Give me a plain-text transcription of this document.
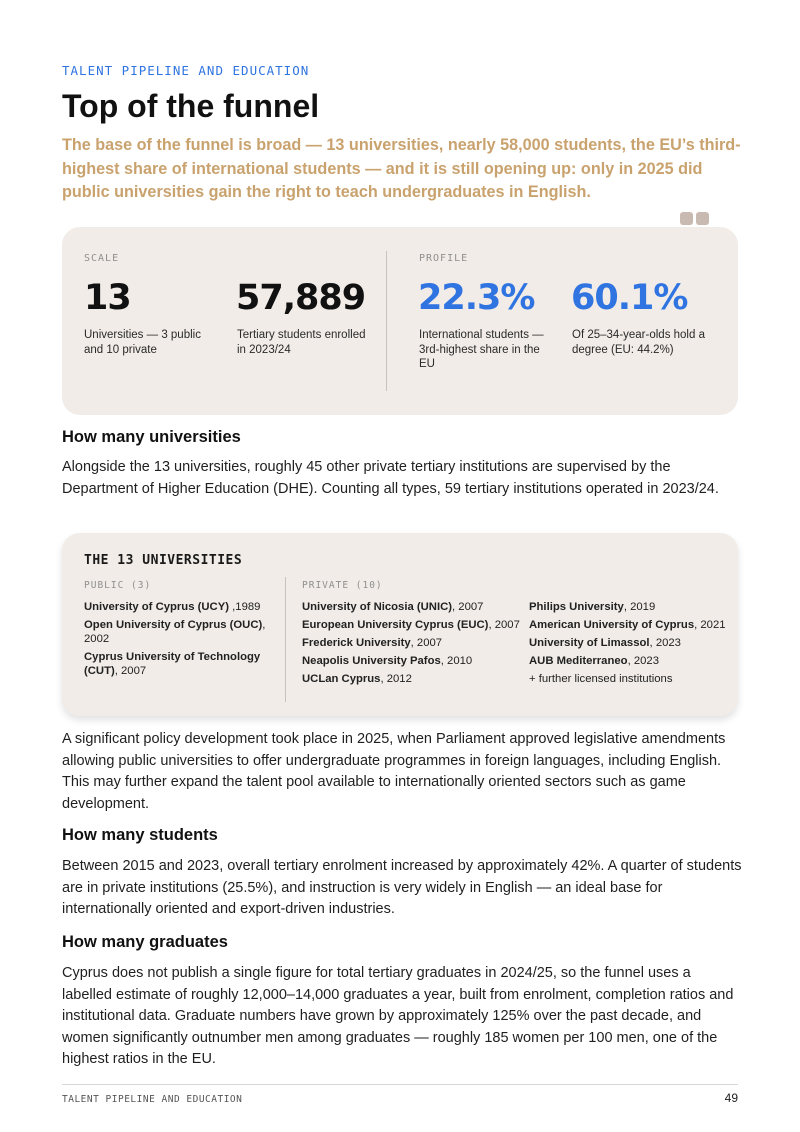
TALENT PIPELINE AND EDUCATION
Top of the funnel

The base of the funnel is broad — 13 universities, nearly 58,000 students, the EU’s third-highest share of international students — and it is still opening up: only in 2025 did public universities gain the right to teach undergraduates in English.

SCALE	PROFILE
13
Universities — 3 public and 10 private
57,889
Tertiary students enrolled in 2023/24
22.3%
International students — 3rd-highest share in the EU
60.1%
Of 25–34-year-olds hold a degree (EU: 44.2%)
How many universities

Alongside the 13 universities, roughly 45 other private tertiary institutions are supervised by the Department of Higher Education (DHE). Counting all types, 59 tertiary institutions operated in 2023/24.

THE 13 UNIVERSITIES
PUBLIC (3)	PRIVATE (10)
University of Cyprus (UCY) ,1989
Open University of Cyprus (OUC), 2002
Cyprus University of Technology (CUT), 2007
University of Nicosia (UNIC), 2007
European University Cyprus (EUC), 2007
Frederick University, 2007
Neapolis University Pafos, 2010
UCLan Cyprus, 2012
Philips University, 2019
American University of Cyprus, 2021
University of Limassol, 2023
AUB Mediterraneo, 2023
+ further licensed institutions

A significant policy development took place in 2025, when Parliament approved legislative amendments allowing public universities to offer undergraduate programmes in foreign languages, including English. This may further expand the talent pool available to internationally oriented sectors such as game development.

How many students

Between 2015 and 2023, overall tertiary enrolment increased by approximately 42%. A quarter of students are in private institutions (25.5%), and instruction is very widely in English — an ideal base for internationally oriented and export-driven industries.

How many graduates

Cyprus does not publish a single figure for total tertiary graduates in 2024/25, so the funnel uses a labelled estimate of roughly 12,000–14,000 graduates a year, built from enrolment, completion ratios and institutional data. Graduate numbers have grown by approximately 125% over the past decade, and women significantly outnumber men among graduates — roughly 185 women per 100 men, one of the highest ratios in the EU.

TALENT PIPELINE AND EDUCATION	49
